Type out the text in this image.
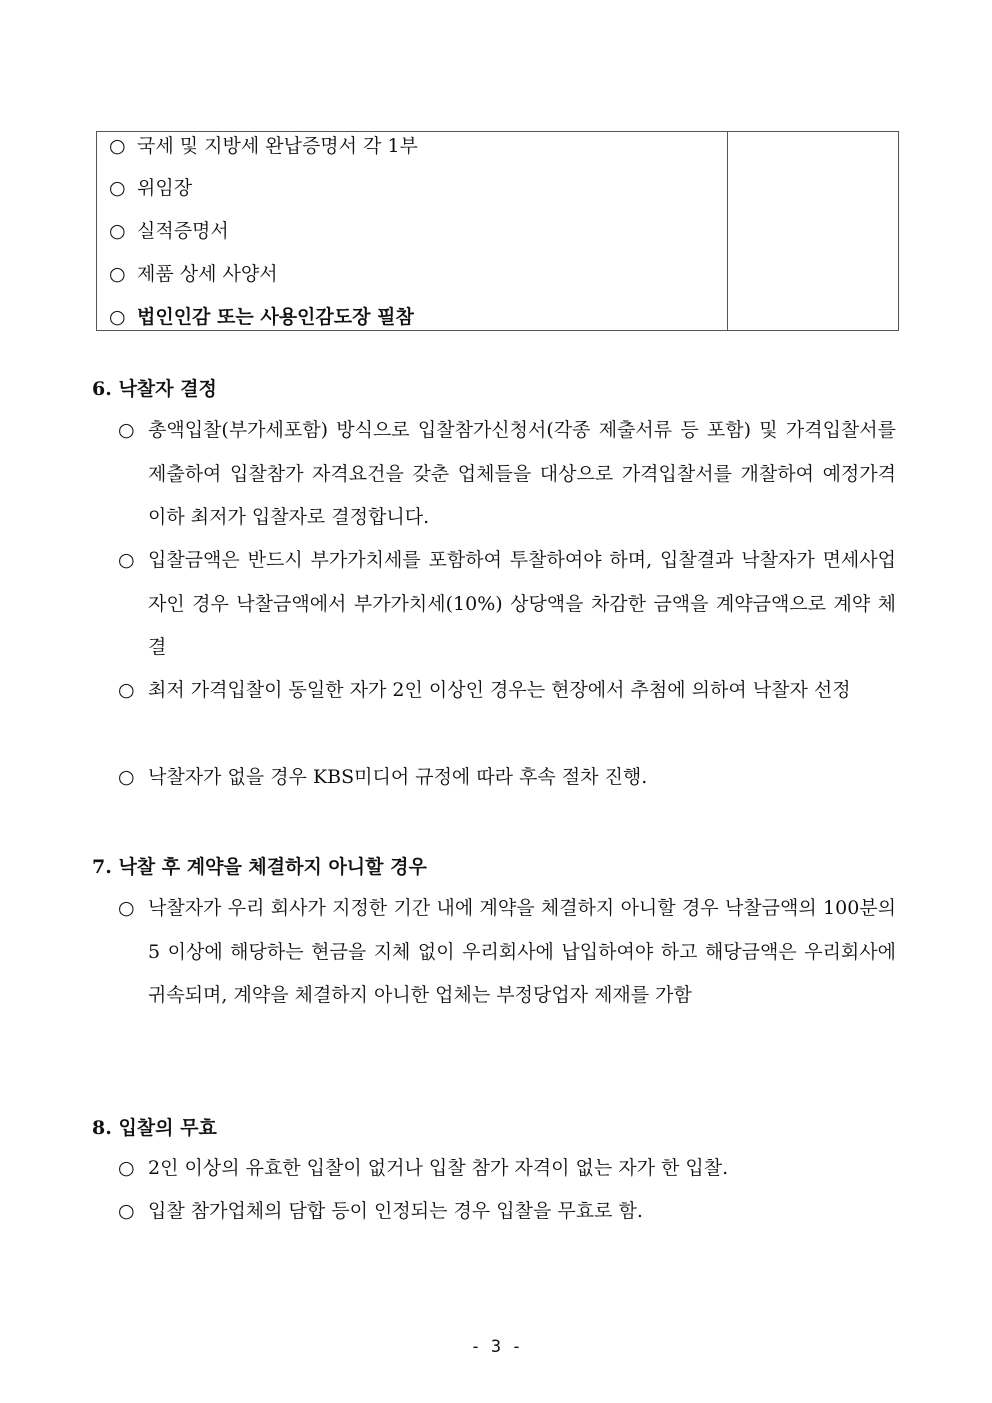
○ 국세 및 지방세 완납증명서 각 1부
○ 위임장
○ 실적증명서
○ 제품 상세 사양서
○ 법인인감 또는 사용인감도장 필참
6. 낙찰자 결정
○ 총액입찰(부가세포함) 방식으로 입찰참가신청서(각종 제출서류 등 포함) 및 가격입찰서를 제출하여 입찰참가 자격요건을 갖춘 업체들을 대상으로 가격입찰서를 개찰하여 예정가격 이하 최저가 입찰자로 결정합니다.
○ 입찰금액은 반드시 부가가치세를 포함하여 투찰하여야 하며, 입찰결과 낙찰자가 면세사업자인 경우 낙찰금액에서 부가가치세(10%) 상당액을 차감한 금액을 계약금액으로 계약 체결
○ 최저 가격입찰이 동일한 자가 2인 이상인 경우는 현장에서 추첨에 의하여 낙찰자 선정
○ 낙찰자가 없을 경우 KBS미디어 규정에 따라 후속 절차 진행.
7. 낙찰 후 계약을 체결하지 아니할 경우
○ 낙찰자가 우리 회사가 지정한 기간 내에 계약을 체결하지 아니할 경우 낙찰금액의 100분의 5 이상에 해당하는 현금을 지체 없이 우리회사에 납입하여야 하고 해당금액은 우리회사에 귀속되며, 계약을 체결하지 아니한 업체는 부정당업자 제재를 가함
8. 입찰의 무효
○ 2인 이상의 유효한 입찰이 없거나 입찰 참가 자격이 없는 자가 한 입찰.
○ 입찰 참가업체의 담합 등이 인정되는 경우 입찰을 무효로 함.
- 3 -
